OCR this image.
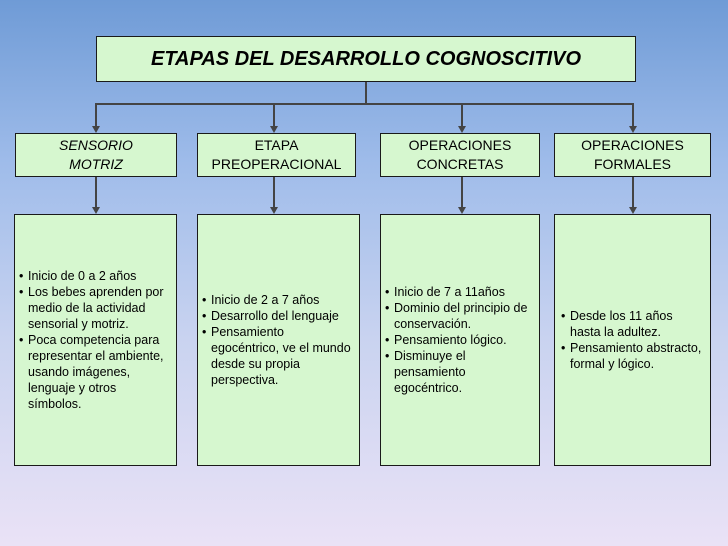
ETAPAS DEL DESARROLLO COGNOSCITIVO
SENSORIO
MOTRIZ
ETAPA
PREOPERACIONAL
OPERACIONES
CONCRETAS
OPERACIONES
FORMALES
• Inicio de 0 a 2 años
• Los bebes aprenden por medio de la actividad sensorial y motriz.
• Poca competencia para representar el ambiente, usando imágenes, lenguaje y otros símbolos.
• Inicio de 2 a 7 años
• Desarrollo del lenguaje
• Pensamiento egocéntrico, ve el mundo desde su propia perspectiva.
• Inicio de 7 a 11años
• Dominio del principio de conservación.
• Pensamiento lógico.
• Disminuye el pensamiento egocéntrico.
• Desde los 11 años hasta la adultez.
• Pensamiento abstracto, formal y lógico.
